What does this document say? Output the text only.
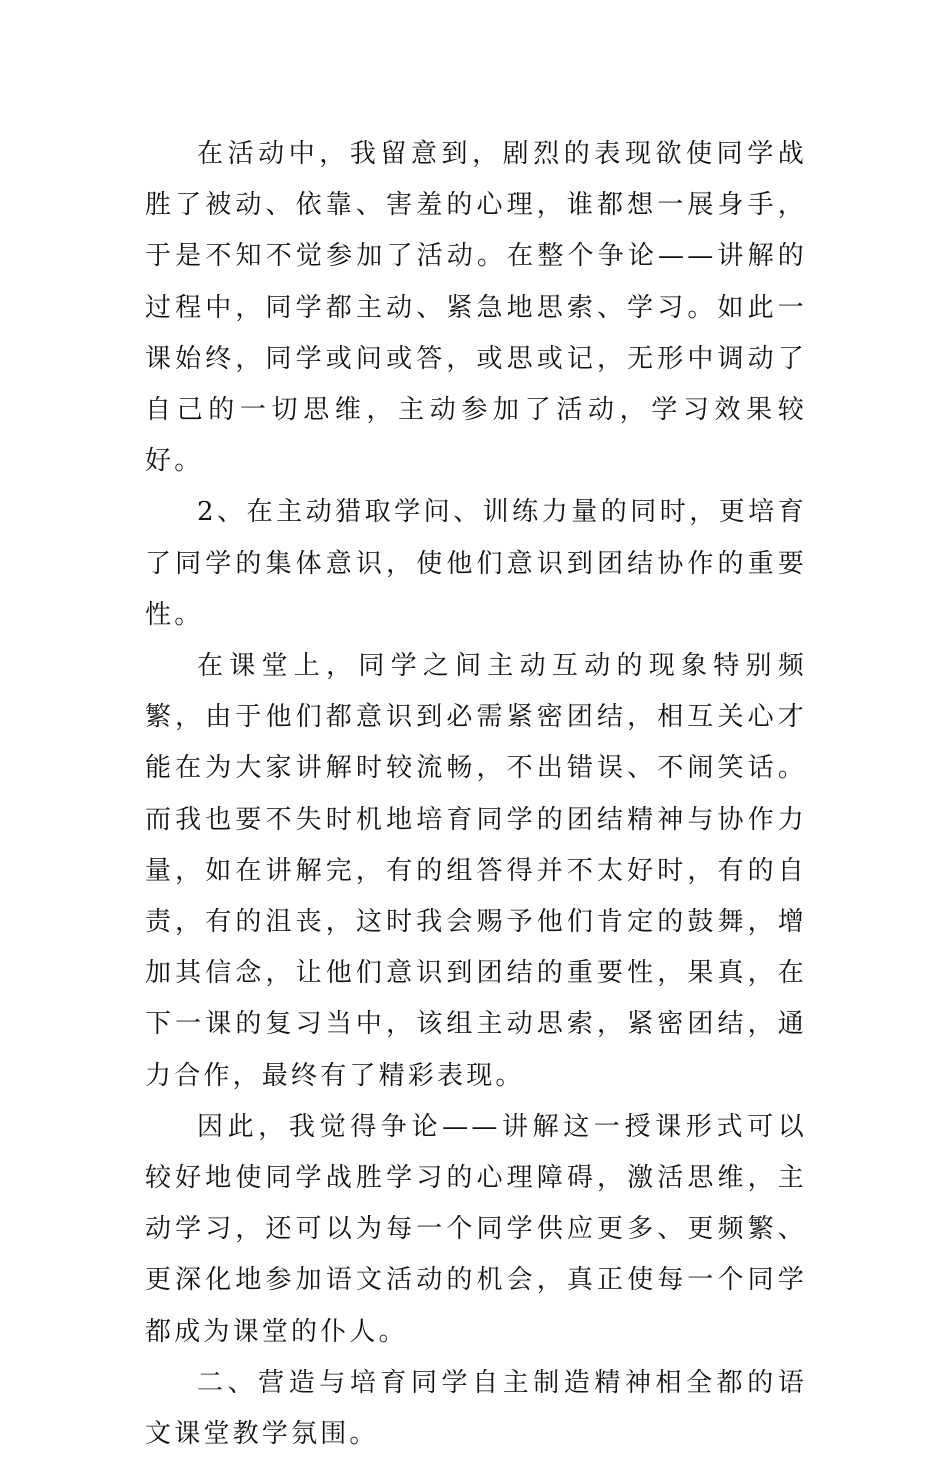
在活动中，我留意到，剧烈的表现欲使同学战胜了被动、依靠、害羞的心理，谁都想一展身手，于是不知不觉参加了活动。在整个争论——讲解的过程中，同学都主动、紧急地思索、学习。如此一课始终，同学或问或答，或思或记，无形中调动了自己的一切思维，主动参加了活动，学习效果较好。

2、在主动猎取学问、训练力量的同时，更培育了同学的集体意识，使他们意识到团结协作的重要性。

在课堂上，同学之间主动互动的现象特别频繁，由于他们都意识到必需紧密团结，相互关心才能在为大家讲解时较流畅，不出错误、不闹笑话。而我也要不失时机地培育同学的团结精神与协作力量，如在讲解完，有的组答得并不太好时，有的自责，有的沮丧，这时我会赐予他们肯定的鼓舞，增加其信念，让他们意识到团结的重要性，果真，在下一课的复习当中，该组主动思索，紧密团结，通力合作，最终有了精彩表现。

因此，我觉得争论——讲解这一授课形式可以较好地使同学战胜学习的心理障碍，激活思维，主动学习，还可以为每一个同学供应更多、更频繁、更深化地参加语文活动的机会，真正使每一个同学都成为课堂的仆人。

二、营造与培育同学自主制造精神相全都的语文课堂教学氛围。
